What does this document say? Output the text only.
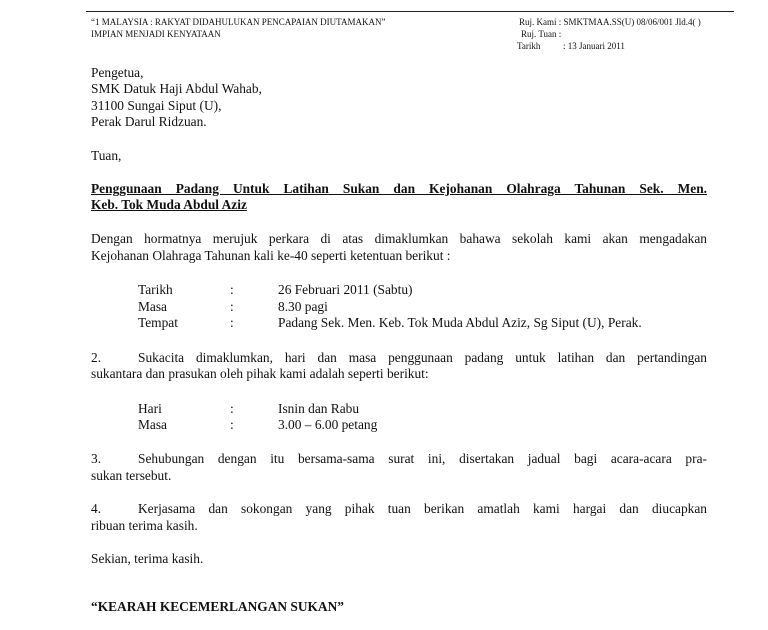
“1 MALAYSIA : RAKYAT DIDAHULUKAN PENCAPAIAN DIUTAMAKAN”
IMPIAN MENJADI KENYATAAN
Ruj. Kami : SMKTMAA.SS(U) 08/06/001 Jld.4( )
Ruj. Tuan :
Tarikh	: 13 Januari 2011
Pengetua,
SMK Datuk Haji Abdul Wahab,
31100 Sungai Siput (U),
Perak Darul Ridzuan.
Tuan,
Penggunaan Padang Untuk Latihan Sukan dan Kejohanan Olahraga Tahunan Sek. Men.
Keb. Tok Muda Abdul Aziz
Dengan hormatnya merujuk perkara di atas dimaklumkan bahawa sekolah kami akan mengadakan
Kejohanan Olahraga Tahunan kali ke-40 seperti ketentuan berikut :
Tarikh	:	26 Februari 2011 (Sabtu)
Masa	:	8.30 pagi
Tempat	:	Padang Sek. Men. Keb. Tok Muda Abdul Aziz, Sg Siput (U), Perak.
2.	Sukacita dimaklumkan, hari dan masa penggunaan padang untuk latihan dan pertandingan
sukantara dan prasukan oleh pihak kami adalah seperti berikut:
Hari	:	Isnin dan Rabu
Masa	:	3.00 – 6.00 petang
3.	Sehubungan dengan itu bersama-sama surat ini, disertakan jadual bagi acara-acara pra-
sukan tersebut.
4.	Kerjasama dan sokongan yang pihak tuan berikan amatlah kami hargai dan diucapkan
ribuan terima kasih.
Sekian, terima kasih.
“KEARAH KECEMERLANGAN SUKAN”
